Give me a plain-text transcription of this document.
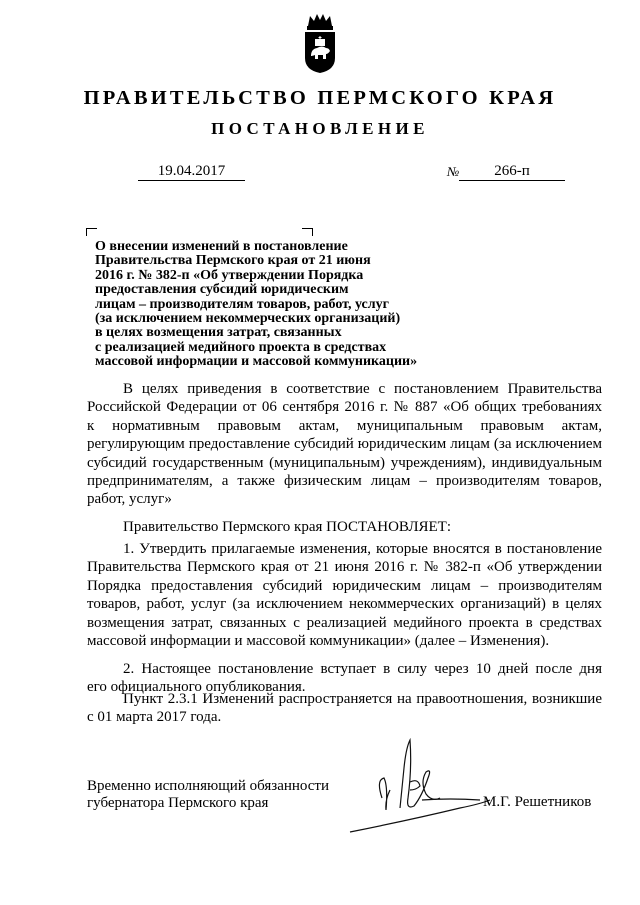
ПРАВИТЕЛЬСТВО ПЕРМСКОГО КРАЯ
ПОСТАНОВЛЕНИЕ
19.04.2017	№	266-п
О внесении изменений в постановление
Правительства Пермского края от 21 июня
2016 г. № 382-п «Об утверждении Порядка
предоставления субсидий юридическим
лицам – производителям товаров, работ, услуг
(за исключением некоммерческих организаций)
в целях возмещения затрат, связанных
с реализацией медийного проекта в средствах
массовой информации и массовой коммуникации»
В целях приведения в соответствие с постановлением Правительства
Российской Федерации от 06 сентября 2016 г. № 887 «Об общих требованиях
к нормативным правовым актам, муниципальным правовым актам,
регулирующим предоставление субсидий юридическим лицам (за исключением
субсидий государственным (муниципальным) учреждениям), индивидуальным
предпринимателям, а также физическим лицам – производителям товаров,
работ, услуг»
Правительство Пермского края ПОСТАНОВЛЯЕТ:
1. Утвердить прилагаемые изменения, которые вносятся в постановление
Правительства Пермского края от 21 июня 2016 г. № 382-п «Об утверждении
Порядка предоставления субсидий юридическим лицам – производителям
товаров, работ, услуг (за исключением некоммерческих организаций) в целях
возмещения затрат, связанных с реализацией медийного проекта в средствах
массовой информации и массовой коммуникации» (далее – Изменения).
2. Настоящее постановление вступает в силу через 10 дней после дня
его официального опубликования.
Пункт 2.3.1 Изменений распространяется на правоотношения, возникшие
с 01 марта 2017 года.
Временно исполняющий обязанности
губернатора Пермского края	М.Г. Решетников
